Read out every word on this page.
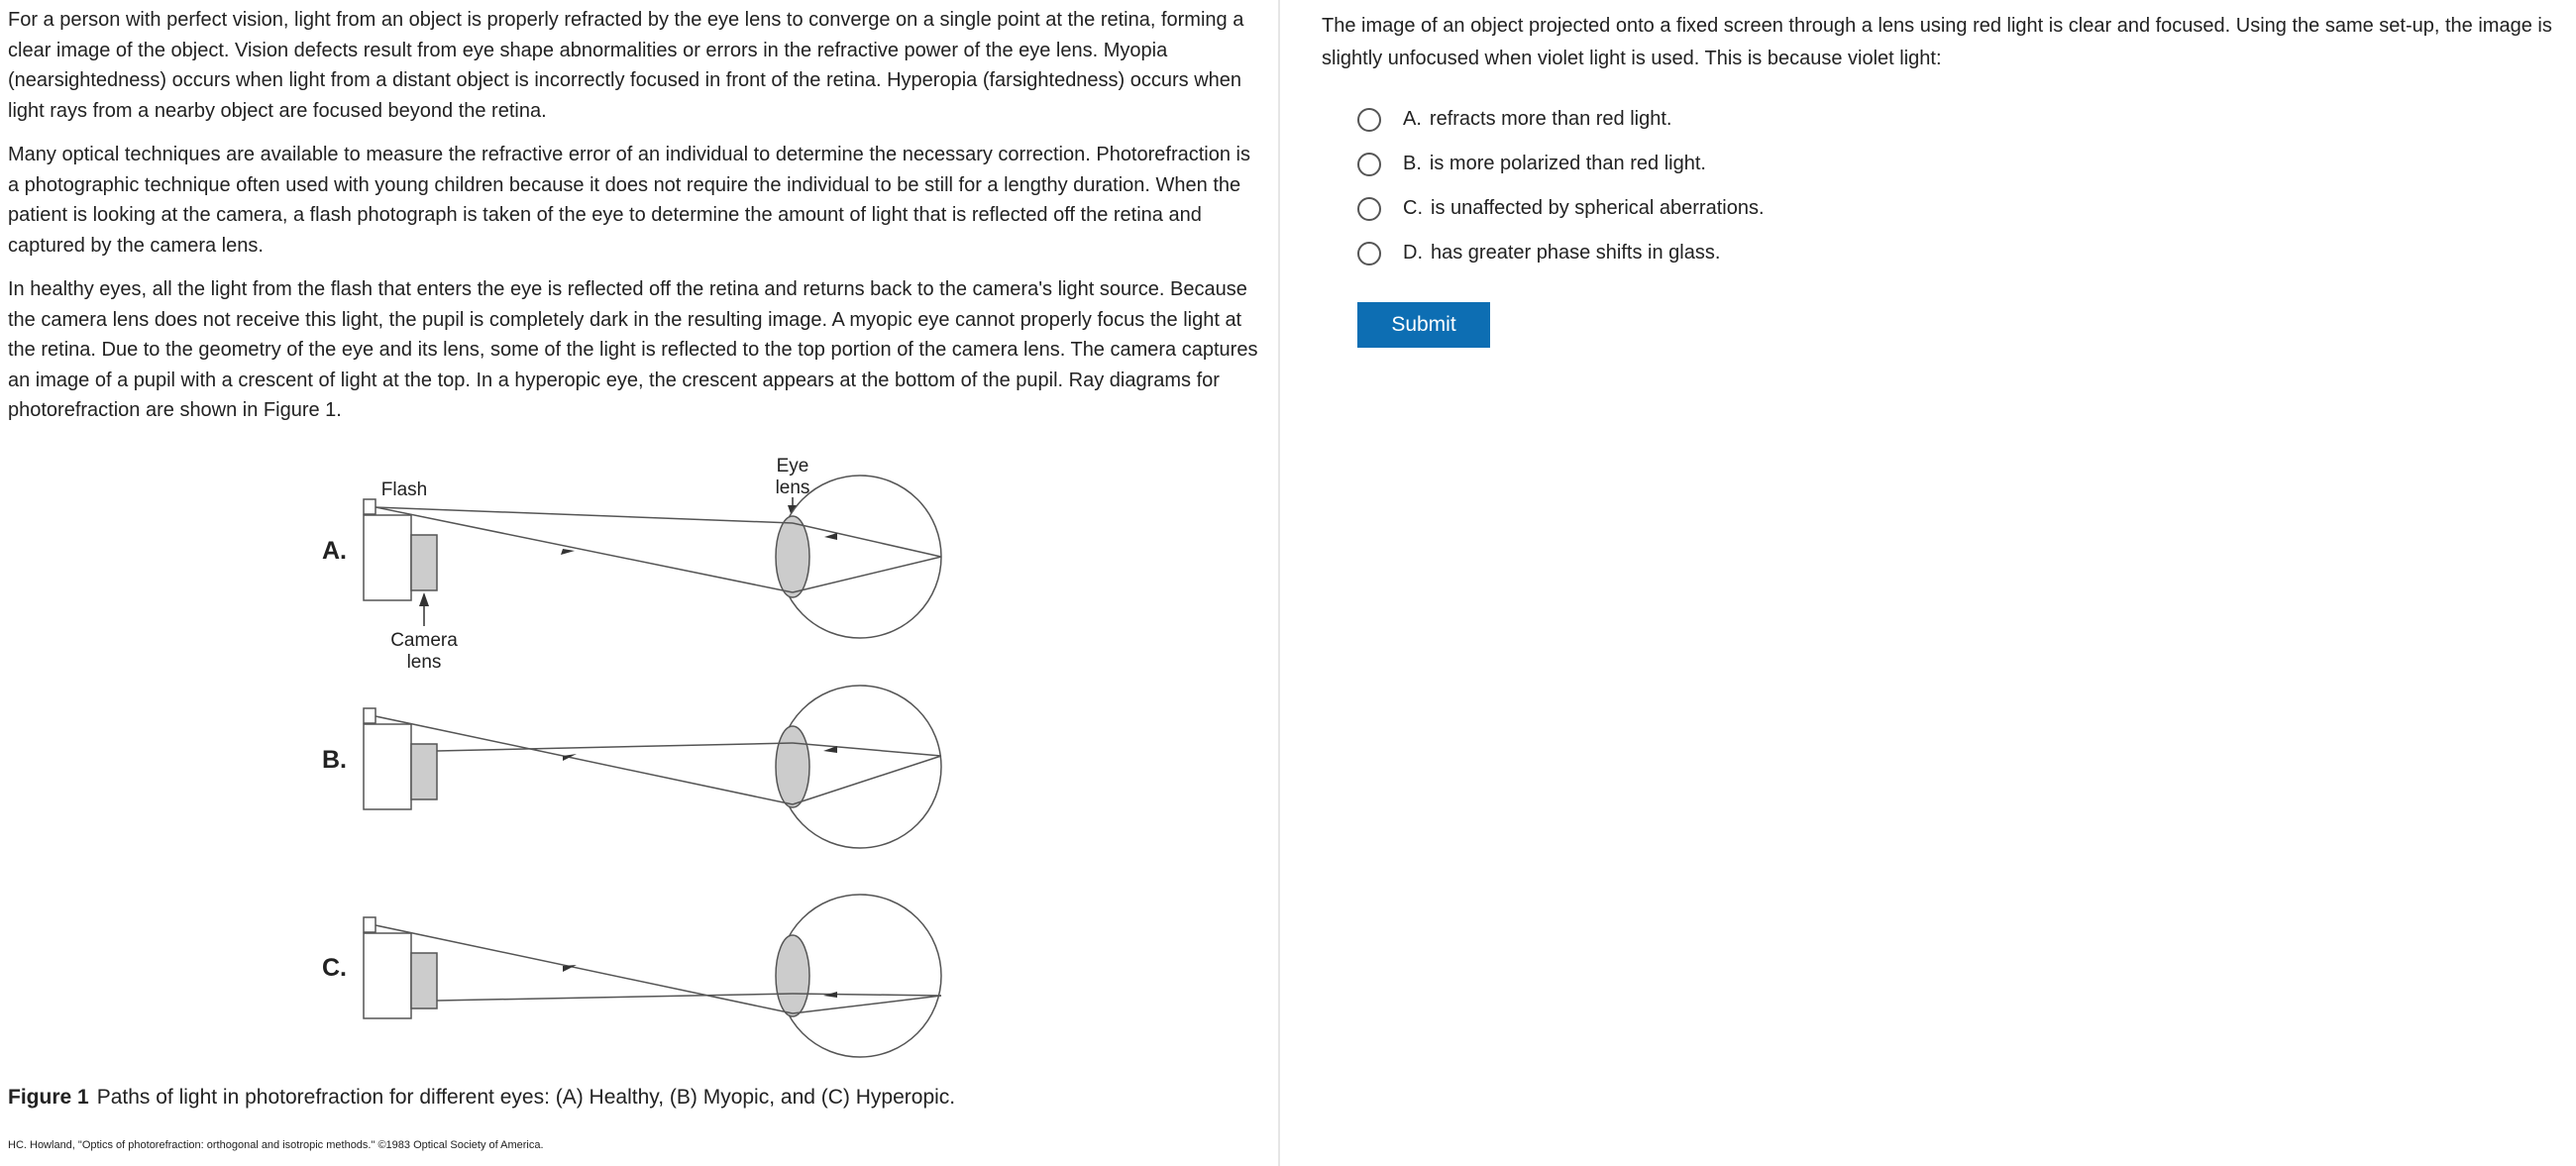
For a person with perfect vision, light from an object is properly refracted by the eye lens to converge on a single point at the retina, forming a clear image of the object. Vision defects result from eye shape abnormalities or errors in the refractive power of the eye lens. Myopia (nearsightedness) occurs when light from a distant object is incorrectly focused in front of the retina. Hyperopia (farsightedness) occurs when light rays from a nearby object are focused beyond the retina.

Many optical techniques are available to measure the refractive error of an individual to determine the necessary correction. Photorefraction is a photographic technique often used with young children because it does not require the individual to be still for a lengthy duration. When the patient is looking at the camera, a flash photograph is taken of the eye to determine the amount of light that is reflected off the retina and captured by the camera lens.

In healthy eyes, all the light from the flash that enters the eye is reflected off the retina and returns back to the camera's light source. Because the camera lens does not receive this light, the pupil is completely dark in the resulting image. A myopic eye cannot properly focus the light at the retina. Due to the geometry of the eye and its lens, some of the light is reflected to the top portion of the camera lens. The camera captures an image of a pupil with a crescent of light at the top. In a hyperopic eye, the crescent appears at the bottom of the pupil. Ray diagrams for photorefraction are shown in Figure 1.

A.
Flash
Eye
lens
Camera
lens
B.
C.

Figure 1 Paths of light in photorefraction for different eyes: (A) Healthy, (B) Myopic, and (C) Hyperopic.

HC. Howland, "Optics of photorefraction: orthogonal and isotropic methods." ©1983 Optical Society of America.

The image of an object projected onto a fixed screen through a lens using red light is clear and focused. Using the same set-up, the image is slightly unfocused when violet light is used. This is because violet light:

A. refracts more than red light.
B. is more polarized than red light.
C. is unaffected by spherical aberrations.
D. has greater phase shifts in glass.
Submit
